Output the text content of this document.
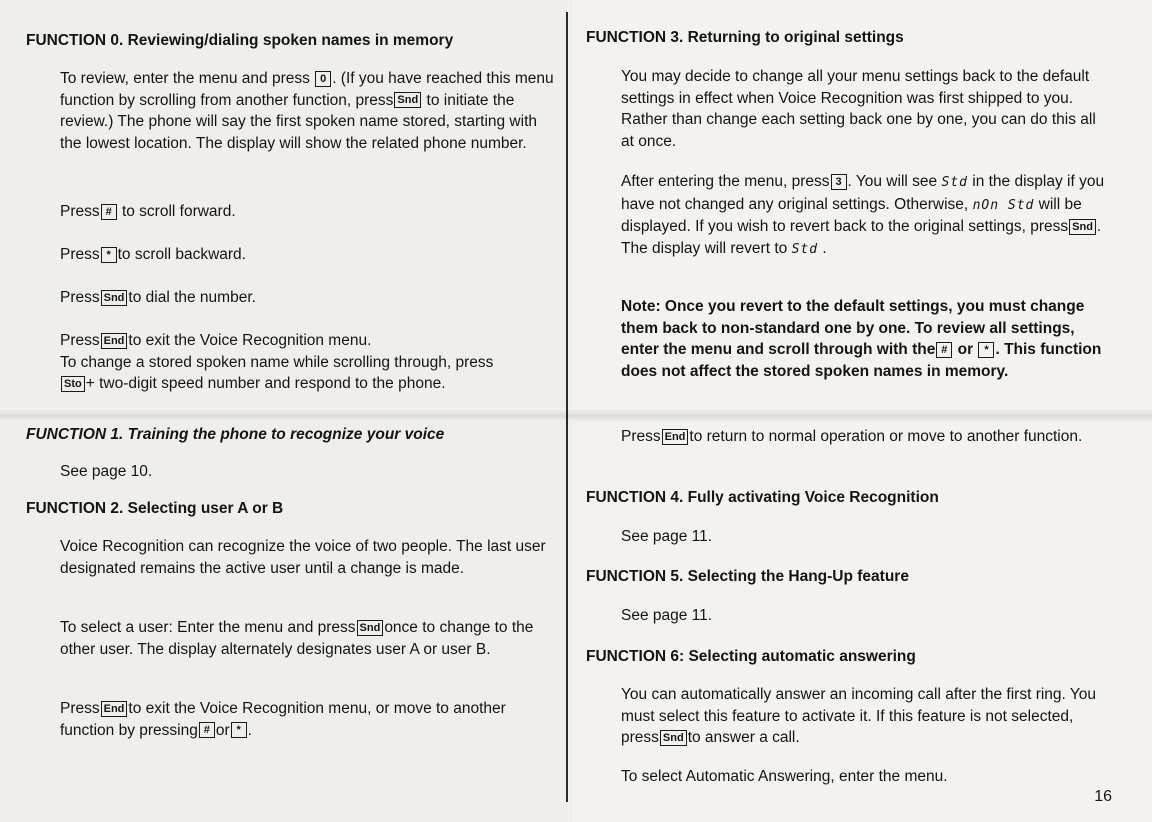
FUNCTION 0. Reviewing/dialing spoken names in memory
To review, enter the menu and press 0 . (If you have reached this menu function by scrolling from another function, press Snd to initiate the review.) The phone will say the first spoken name stored, starting with the lowest location. The display will show the related phone number.
Press # to scroll forward.
Press * to scroll backward.
Press Snd to dial the number.
Press End to exit the Voice Recognition menu.
To change a stored spoken name while scrolling through, press
Sto + two-digit speed number and respond to the phone.
FUNCTION 1. Training the phone to recognize your voice
See page 10.
FUNCTION 2. Selecting user A or B
Voice Recognition can recognize the voice of two people. The last user designated remains the active user until a change is made.
To select a user: Enter the menu and press Snd once to change to the other user. The display alternately designates user A or user B.
Press End to exit the Voice Recognition menu, or move to another function by pressing # or * .
FUNCTION 3. Returning to original settings
You may decide to change all your menu settings back to the default settings in effect when Voice Recognition was first shipped to you. Rather than change each setting back one by one, you can do this all at once.
After entering the menu, press 3 . You will see Std in the display if you have not changed any original settings. Otherwise, nOn Std will be displayed. If you wish to revert back to the original settings, press Snd . The display will revert to Std .
Note: Once you revert to the default settings, you must change them back to non-standard one by one. To review all settings, enter the menu and scroll through with the # or * . This function does not affect the stored spoken names in memory.
Press End to return to normal operation or move to another function.
FUNCTION 4. Fully activating Voice Recognition
See page 11.
FUNCTION 5. Selecting the Hang-Up feature
See page 11.
FUNCTION 6: Selecting automatic answering
You can automatically answer an incoming call after the first ring. You must select this feature to activate it. If this feature is not selected, press Snd to answer a call.
To select Automatic Answering, enter the menu.
16
